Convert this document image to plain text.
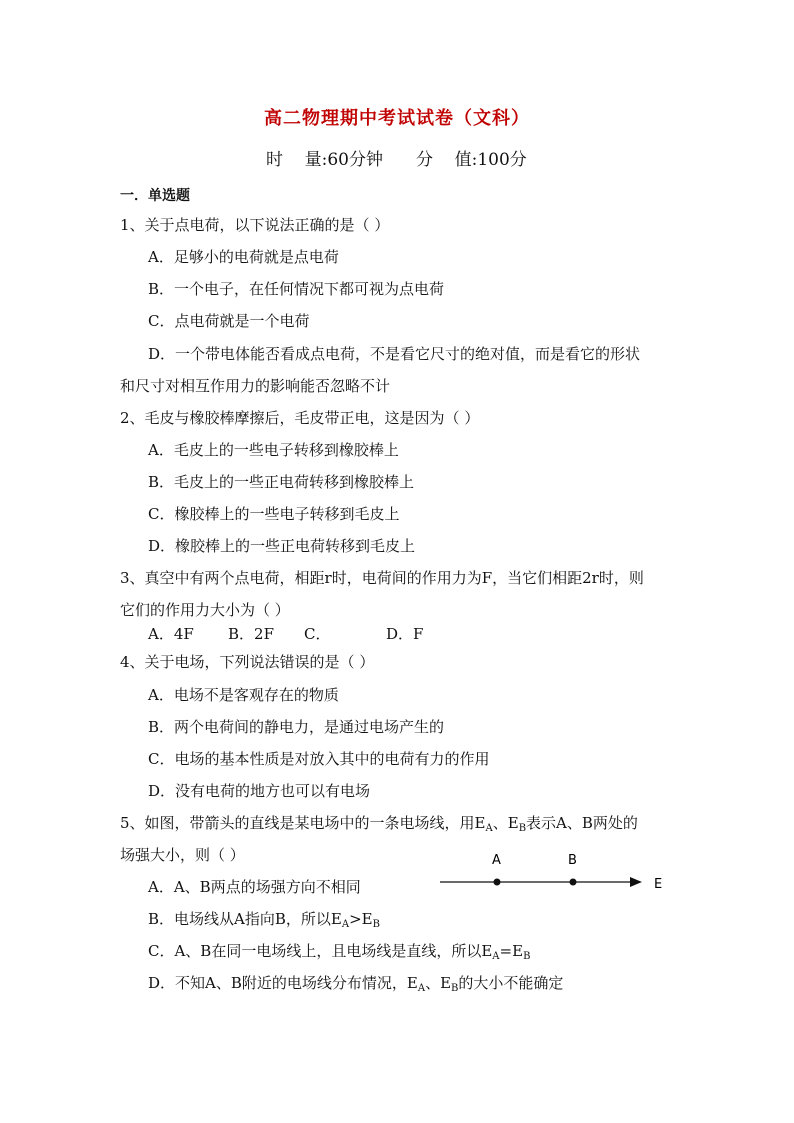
高二物理期中考试试卷（文科）
时    量:60分钟 分    值:100分
一．单选题
1、关于点电荷，以下说法正确的是（ ）
A．足够小的电荷就是点电荷
B．一个电子，在任何情况下都可视为点电荷
C．点电荷就是一个电荷
D．一个带电体能否看成点电荷，不是看它尺寸的绝对值，而是看它的形状
和尺寸对相互作用力的影响能否忽略不计
2、毛皮与橡胶棒摩擦后，毛皮带正电，这是因为（ ）
A．毛皮上的一些电子转移到橡胶棒上
B．毛皮上的一些正电荷转移到橡胶棒上
C．橡胶棒上的一些电子转移到毛皮上
D．橡胶棒上的一些正电荷转移到毛皮上
3、真空中有两个点电荷，相距r时，电荷间的作用力为F，当它们相距2r时，则
它们的作用力大小为（ ）
A．4F B．2F C．	D．F
4、关于电场，下列说法错误的是（ ）
A．电场不是客观存在的物质
B．两个电荷间的静电力，是通过电场产生的
C．电场的基本性质是对放入其中的电荷有力的作用
D．没有电荷的地方也可以有电场
5、如图，带箭头的直线是某电场中的一条电场线，用$E_A$、$E_B$表示A、B两处的
场强大小，则（ ）
A．A、B两点的场强方向不相同
B．电场线从A指向B，所以$E_A>E_B$
C．A、B在同一电场线上，且电场线是直线，所以$E_A=E_B$
D．不知A、B附近的电场线分布情况，$E_A$、$E_B$的大小不能确定
A	B
E
